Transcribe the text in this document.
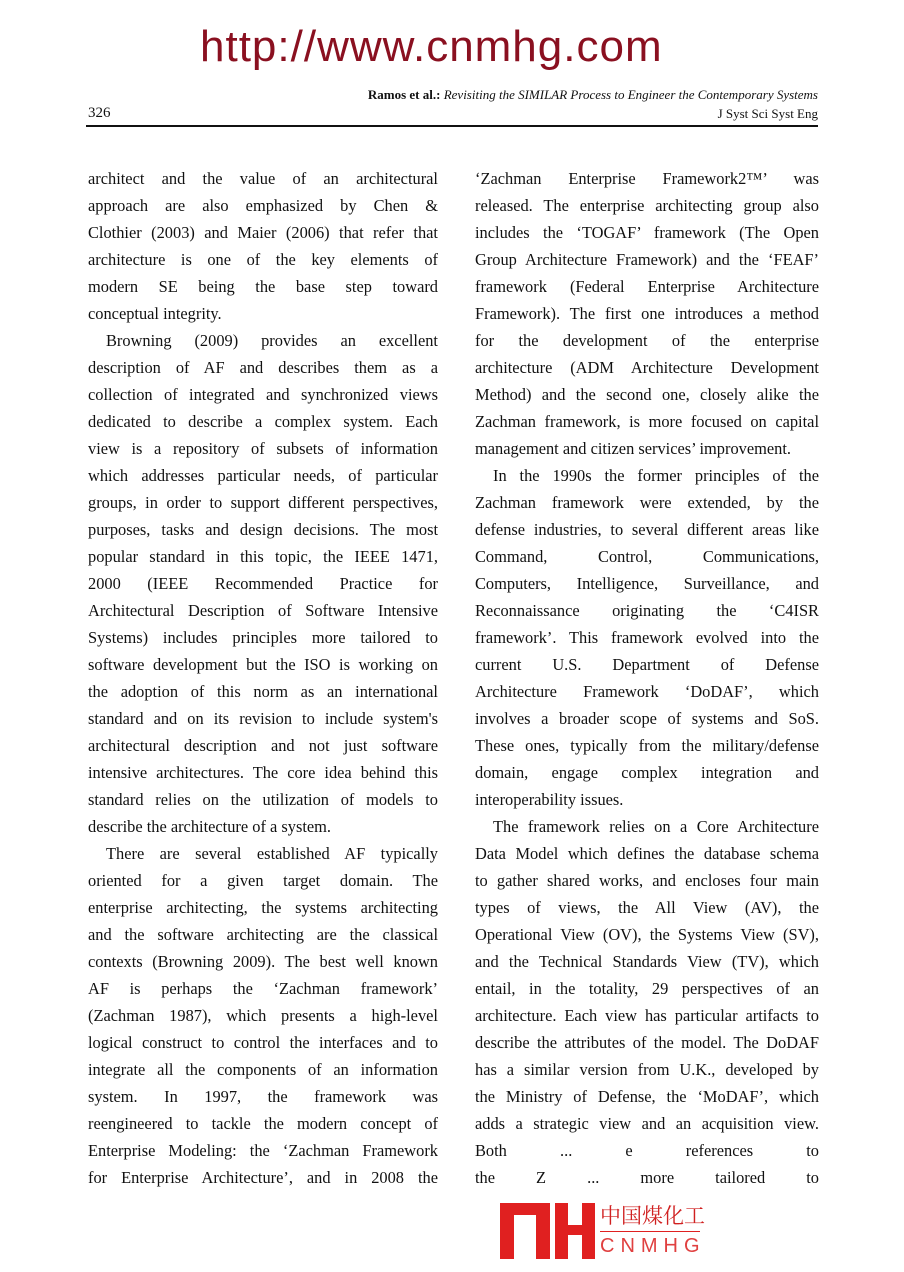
http://www.cnmhg.com
Ramos et al.: Revisiting the SIMILAR Process to Engineer the Contemporary Systems
326	J Syst Sci Syst Eng
architect and the value of an architectural
approach are also emphasized by Chen &
Clothier (2003) and Maier (2006) that refer that
architecture is one of the key elements of
modern SE being the base step toward
conceptual integrity.
Browning (2009) provides an excellent
description of AF and describes them as a
collection of integrated and synchronized views
dedicated to describe a complex system. Each
view is a repository of subsets of information
which addresses particular needs, of particular
groups, in order to support different perspectives,
purposes, tasks and design decisions. The most
popular standard in this topic, the IEEE 1471,
2000 (IEEE Recommended Practice for
Architectural Description of Software Intensive
Systems) includes principles more tailored to
software development but the ISO is working on
the adoption of this norm as an international
standard and on its revision to include system's
architectural description and not just software
intensive architectures. The core idea behind this
standard relies on the utilization of models to
describe the architecture of a system.
There are several established AF typically
oriented for a given target domain. The
enterprise architecting, the systems architecting
and the software architecting are the classical
contexts (Browning 2009). The best well known
AF is perhaps the ‘Zachman framework’
(Zachman 1987), which presents a high-level
logical construct to control the interfaces and to
integrate all the components of an information
system. In 1997, the framework was
reengineered to tackle the modern concept of
Enterprise Modeling: the ‘Zachman Framework
for Enterprise Architecture’, and in 2008 the
‘Zachman Enterprise Framework2™’ was
released. The enterprise architecting group also
includes the ‘TOGAF’ framework (The Open
Group Architecture Framework) and the ‘FEAF’
framework (Federal Enterprise Architecture
Framework). The first one introduces a method
for the development of the enterprise
architecture (ADM Architecture Development
Method) and the second one, closely alike the
Zachman framework, is more focused on capital
management and citizen services’ improvement.
In the 1990s the former principles of the
Zachman framework were extended, by the
defense industries, to several different areas like
Command, Control, Communications,
Computers, Intelligence, Surveillance, and
Reconnaissance originating the ‘C4ISR
framework’. This framework evolved into the
current U.S. Department of Defense
Architecture Framework ‘DoDAF’, which
involves a broader scope of systems and SoS.
These ones, typically from the military/defense
domain, engage complex integration and
interoperability issues.
The framework relies on a Core Architecture
Data Model which defines the database schema
to gather shared works, and encloses four main
types of views, the All View (AV), the
Operational View (OV), the Systems View (SV),
and the Technical Standards View (TV), which
entail, in the totality, 29 perspectives of an
architecture. Each view has particular artifacts to
describe the attributes of the model. The DoDAF
has a similar version from U.K., developed by
the Ministry of Defense, the ‘MoDAF’, which
adds a strategic view and an acquisition view.
Both ... e references to
the Z ... more tailored to
中国煤化工
CNMHG
